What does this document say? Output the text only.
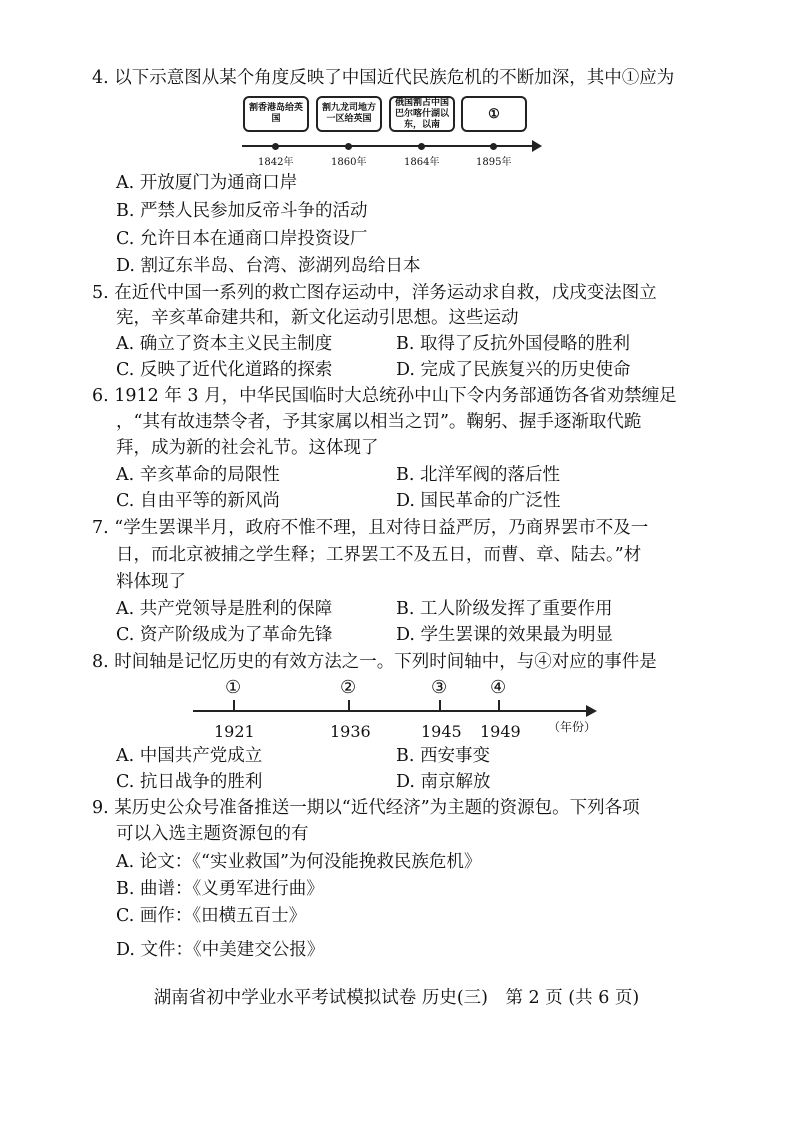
4. 以下示意图从某个角度反映了中国近代民族危机的不断加深，其中①应为
割香港岛给英国
割九龙司地方一区给英国
俄国割占中国巴尔喀什湖以东，以南
①
1842年	1860年	1864年	1895年
A. 开放厦门为通商口岸
B. 严禁人民参加反帝斗争的活动
C. 允许日本在通商口岸投资设厂
D. 割辽东半岛、台湾、澎湖列岛给日本
5. 在近代中国一系列的救亡图存运动中，洋务运动求自救，戊戌变法图立
宪，辛亥革命建共和，新文化运动引思想。这些运动
A. 确立了资本主义民主制度	B. 取得了反抗外国侵略的胜利
C. 反映了近代化道路的探索	D. 完成了民族复兴的历史使命
6. 1912 年 3 月，中华民国临时大总统孙中山下令内务部通饬各省劝禁缠足
，“其有故违禁令者，予其家属以相当之罚”。鞠躬、握手逐渐取代跪
拜，成为新的社会礼节。这体现了
A. 辛亥革命的局限性	B. 北洋军阀的落后性
C. 自由平等的新风尚	D. 国民革命的广泛性
7. “学生罢课半月，政府不惟不理，且对待日益严厉，乃商界罢市不及一
日，而北京被捕之学生释；工界罢工不及五日，而曹、章、陆去。”材
料体现了
A. 共产党领导是胜利的保障	B. 工人阶级发挥了重要作用
C. 资产阶级成为了革命先锋	D. 学生罢课的效果最为明显
8. 时间轴是记忆历史的有效方法之一。下列时间轴中，与④对应的事件是
①	②	③ ④
1921	1936	1945 1949 （年份）
A. 中国共产党成立	B. 西安事变
C. 抗日战争的胜利	D. 南京解放
9. 某历史公众号准备推送一期以“近代经济”为主题的资源包。下列各项
可以入选主题资源包的有
A. 论文：《“实业救国”为何没能挽救民族危机》
B. 曲谱：《义勇军进行曲》
C. 画作：《田横五百士》
D. 文件：《中美建交公报》
湖南省初中学业水平考试模拟试卷 历史(三)　第 2 页 (共 6 页)
